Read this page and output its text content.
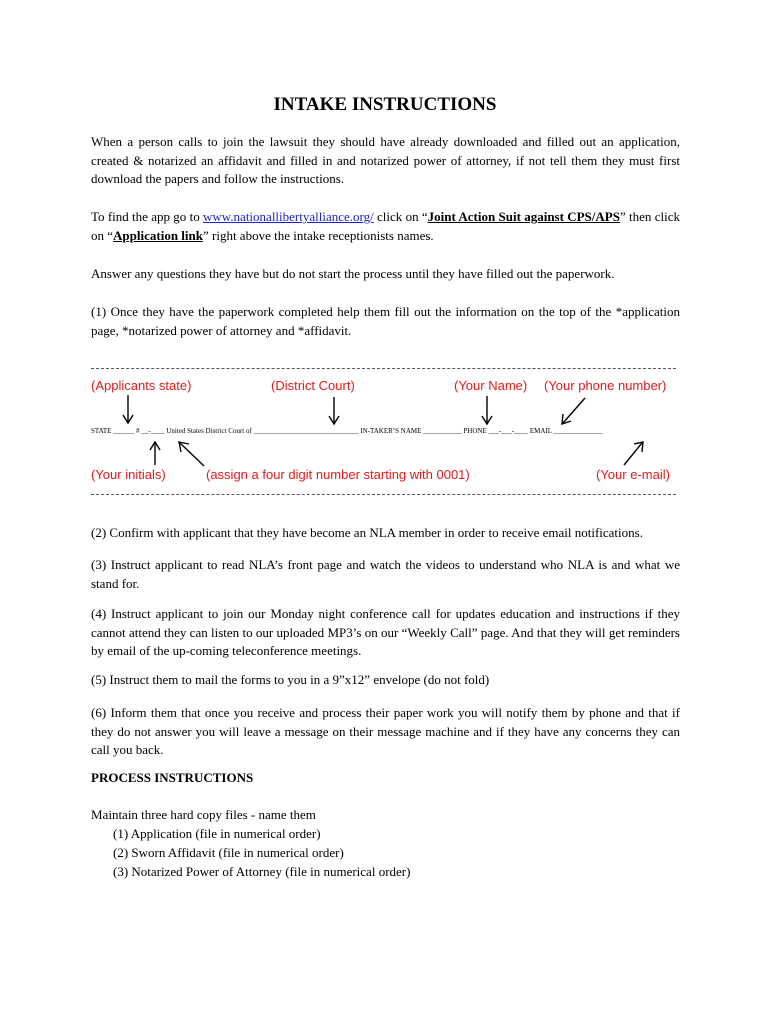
INTAKE INSTRUCTIONS

When a person calls to join the lawsuit they should have already downloaded and filled out an application, created & notarized an affidavit and filled in and notarized power of attorney, if not tell them they must first download the papers and follow the instructions.

To find the app go to www.nationallibertyalliance.org/ click on “Joint Action Suit against CPS/APS” then click on “Application link” right above the intake receptionists names.

Answer any questions they have but do not start the process until they have filled out the paperwork.

(1) Once they have the paperwork completed help them fill out the information on the top of the *application page, *notarized power of attorney and *affidavit.

(Applicants state)	(District Court)	(Your Name) (Your phone number)
STATE ______ # __-____ United States District Court of ______________________________ IN-TAKER’S NAME ___________ PHONE ___-___-____ EMAIL ______________
(Your initials)	(assign a four digit number starting with 0001)	(Your e-mail)

(2) Confirm with applicant that they have become an NLA member in order to receive email notifications.

(3) Instruct applicant to read NLA’s front page and watch the videos to understand who NLA is and what we stand for.

(4) Instruct applicant to join our Monday night conference call for updates education and instructions if they cannot attend they can listen to our uploaded MP3’s on our “Weekly Call” page. And that they will get reminders by email of the up-coming teleconference meetings.

(5) Instruct them to mail the forms to you in a 9”x12” envelope (do not fold)

(6) Inform them that once you receive and process their paper work you will notify them by phone and that if they do not answer you will leave a message on their message machine and if they have any concerns they can call you back.

PROCESS INSTRUCTIONS

Maintain three hard copy files - name them

(1) Application (file in numerical order)
(2) Sworn Affidavit (file in numerical order)
(3) Notarized Power of Attorney (file in numerical order)
